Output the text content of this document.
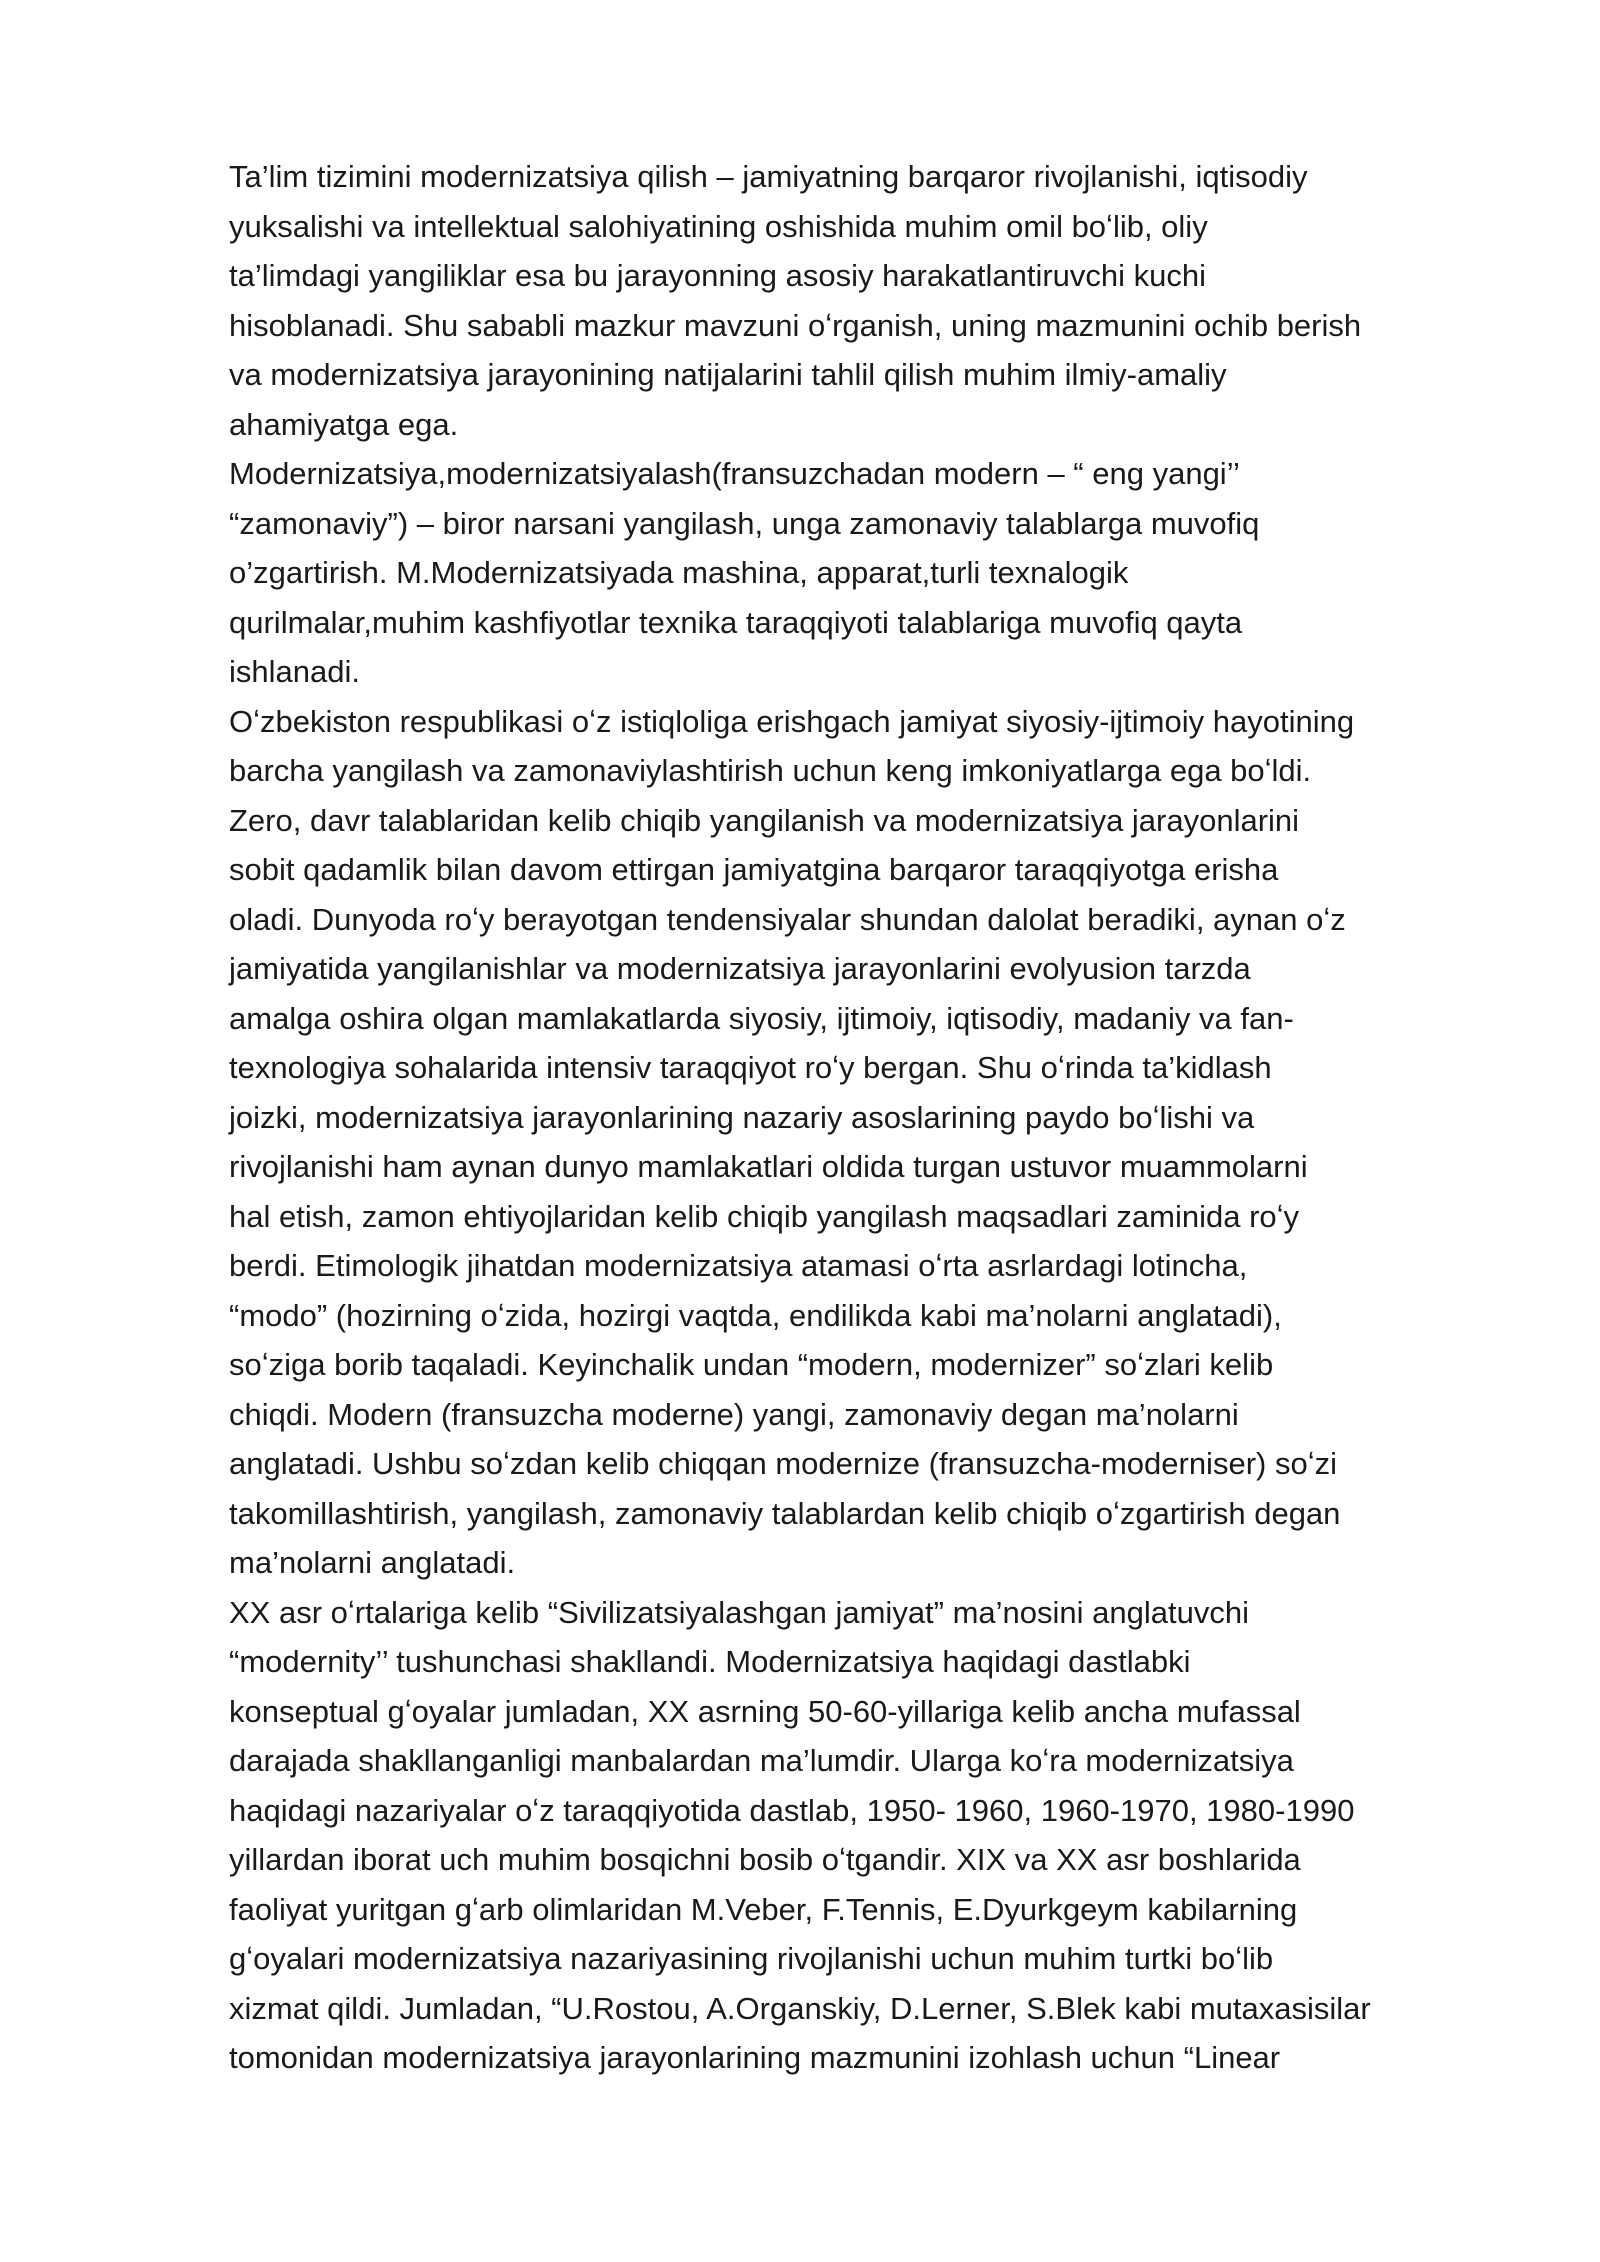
Ta’lim tizimini modernizatsiya qilish – jamiyatning barqaror rivojlanishi, iqtisodiy
yuksalishi va intellektual salohiyatining oshishida muhim omil boʻlib, oliy
ta’limdagi yangiliklar esa bu jarayonning asosiy harakatlantiruvchi kuchi
hisoblanadi. Shu sababli mazkur mavzuni oʻrganish, uning mazmunini ochib berish
va modernizatsiya jarayonining natijalarini tahlil qilish muhim ilmiy-amaliy
ahamiyatga ega.

Modernizatsiya,modernizatsiyalash(fransuzchadan modern – “ eng yangi’’
“zamonaviy”) – biror narsani yangilash, unga zamonaviy talablarga muvofiq
o’zgartirish. M.Modernizatsiyada mashina, apparat,turli texnalogik
qurilmalar,muhim kashfiyotlar texnika taraqqiyoti talablariga muvofiq qayta
ishlanadi.

Oʻzbekiston respublikasi oʻz istiqloliga erishgach jamiyat siyosiy-ijtimoiy hayotining
barcha yangilash va zamonaviylashtirish uchun keng imkoniyatlarga ega boʻldi.
Zero, davr talablaridan kelib chiqib yangilanish va modernizatsiya jarayonlarini
sobit qadamlik bilan davom ettirgan jamiyatgina barqaror taraqqiyotga erisha
oladi. Dunyoda roʻy berayotgan tendensiyalar shundan dalolat beradiki, aynan oʻz
jamiyatida yangilanishlar va modernizatsiya jarayonlarini evolyusion tarzda
amalga oshira olgan mamlakatlarda siyosiy, ijtimoiy, iqtisodiy, madaniy va fan-
texnologiya sohalarida intensiv taraqqiyot roʻy bergan. Shu oʻrinda ta’kidlash
joizki, modernizatsiya jarayonlarining nazariy asoslarining paydo boʻlishi va
rivojlanishi ham aynan dunyo mamlakatlari oldida turgan ustuvor muammolarni
hal etish, zamon ehtiyojlaridan kelib chiqib yangilash maqsadlari zaminida roʻy
berdi. Etimologik jihatdan modernizatsiya atamasi oʻrta asrlardagi lotincha,
“modo” (hozirning oʻzida, hozirgi vaqtda, endilikda kabi ma’nolarni anglatadi),
soʻziga borib taqaladi. Keyinchalik undan “modern, modernizer” soʻzlari kelib
chiqdi. Modern (fransuzcha moderne) yangi, zamonaviy degan ma’nolarni
anglatadi. Ushbu soʻzdan kelib chiqqan modernize (fransuzcha-moderniser) soʻzi
takomillashtirish, yangilash, zamonaviy talablardan kelib chiqib oʻzgartirish degan
ma’nolarni anglatadi.

XX asr oʻrtalariga kelib “Sivilizatsiyalashgan jamiyat” ma’nosini anglatuvchi
“modernity’’ tushunchasi shakllandi. Modernizatsiya haqidagi dastlabki
konseptual gʻoyalar jumladan, XX asrning 50-60-yillariga kelib ancha mufassal
darajada shakllanganligi manbalardan ma’lumdir. Ularga koʻra modernizatsiya
haqidagi nazariyalar oʻz taraqqiyotida dastlab, 1950- 1960, 1960-1970, 1980-1990
yillardan iborat uch muhim bosqichni bosib oʻtgandir. XIX va XX asr boshlarida
faoliyat yuritgan gʻarb olimlaridan M.Veber, F.Tennis, E.Dyurkgeym kabilarning
gʻoyalari modernizatsiya nazariyasining rivojlanishi uchun muhim turtki boʻlib
xizmat qildi. Jumladan, “U.Rostou, A.Organskiy, D.Lerner, S.Blek kabi mutaxasisilar
tomonidan modernizatsiya jarayonlarining mazmunini izohlash uchun “Linear
